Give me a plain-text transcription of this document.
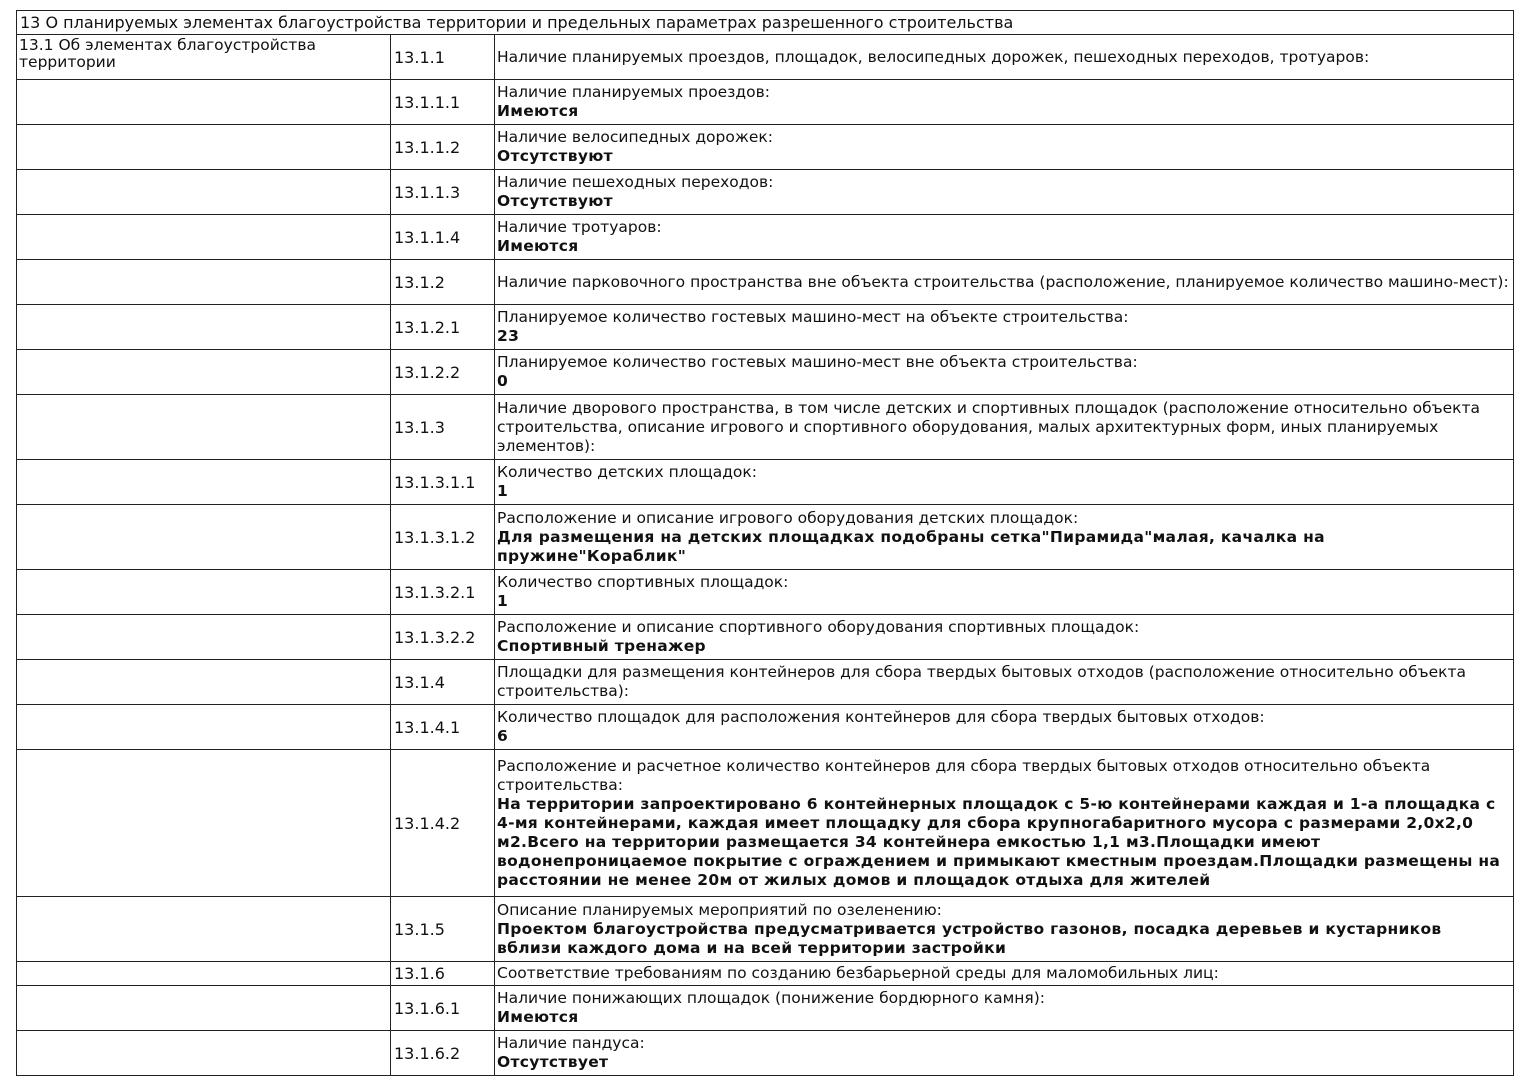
13 О планируемых элементах благоустройства территории и предельных параметрах разрешенного строительства		
13.1 Об элементах благоустройства территории	13.1.1	Наличие планируемых проездов, площадок, велосипедных дорожек, пешеходных переходов, тротуаров:

	13.1.1.1	Наличие планируемых проездов:
Имеются

	13.1.1.2	Наличие велосипедных дорожек:
Отсутствуют

	13.1.1.3	Наличие пешеходных переходов:
Отсутствуют

	13.1.1.4	Наличие тротуаров:
Имеются

	13.1.2	Наличие парковочного пространства вне объекта строительства (расположение, планируемое количество машино-мест):

	13.1.2.1	Планируемое количество гостевых машино-мест на объекте строительства:
23

	13.1.2.2	Планируемое количество гостевых машино-мест вне объекта строительства:
0

	13.1.3	Наличие дворового пространства, в том числе детских и спортивных площадок (расположение относительно объекта строительства, описание игрового и спортивного оборудования, малых архитектурных форм, иных планируемых элементов):

	13.1.3.1.1	Количество детских площадок:
1

	13.1.3.1.2	Расположение и описание игрового оборудования детских площадок:
Для размещения на детских площадках подобраны сетка"Пирамида"малая, качалка на пружине"Кораблик"

	13.1.3.2.1	Количество спортивных площадок:
1

	13.1.3.2.2	Расположение и описание спортивного оборудования спортивных площадок:
Спортивный тренажер

	13.1.4	Площадки для размещения контейнеров для сбора твердых бытовых отходов (расположение относительно объекта строительства):

	13.1.4.1	Количество площадок для расположения контейнеров для сбора твердых бытовых отходов:
6

	13.1.4.2	Расположение и расчетное количество контейнеров для сбора твердых бытовых отходов относительно объекта строительства:
На территории запроектировано 6 контейнерных площадок с 5-ю контейнерами каждая и 1-а площадка с 4-мя контейнерами, каждая имеет площадку для сбора крупногабаритного мусора с размерами 2,0х2,0 м2.Всего на территории размещается 34 контейнера емкостью 1,1 м3.Площадки имеют водонепроницаемое покрытие с ограждением и примыкают кместным проездам.Площадки размещены на расстоянии не менее 20м от жилых домов и площадок отдыха для жителей

	13.1.5	Описание планируемых мероприятий по озеленению:
Проектом благоустройства предусматривается устройство газонов, посадка деревьев и кустарников вблизи каждого дома и на всей территории застройки

	13.1.6	Соответствие требованиям по созданию безбарьерной среды для маломобильных лиц:

	13.1.6.1	Наличие понижающих площадок (понижение бордюрного камня):
Имеются

	13.1.6.2	Наличие пандуса:
Отсутствует
